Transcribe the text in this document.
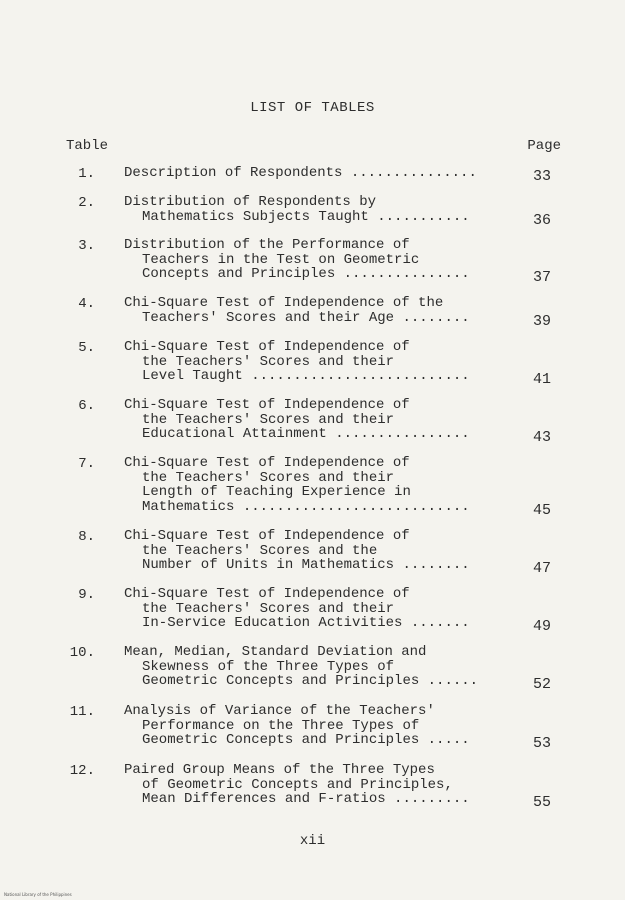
LIST OF TABLES
Table	Page
1. Description of Respondents ...............	33
2. Distribution of Respondents by
Mathematics Subjects Taught ...........	36
3. Distribution of the Performance of
Teachers in the Test on Geometric
Concepts and Principles ...............	37
4. Chi-Square Test of Independence of the
Teachers' Scores and their Age ........	39
5. Chi-Square Test of Independence of
the Teachers' Scores and their
Level Taught ..........................	41
6. Chi-Square Test of Independence of
the Teachers' Scores and their
Educational Attainment ................	43
7. Chi-Square Test of Independence of
the Teachers' Scores and their
Length of Teaching Experience in
Mathematics ...........................	45
8. Chi-Square Test of Independence of
the Teachers' Scores and the
Number of Units in Mathematics ........	47
9. Chi-Square Test of Independence of
the Teachers' Scores and their
In-Service Education Activities .......	49
10. Mean, Median, Standard Deviation and
Skewness of the Three Types of
Geometric Concepts and Principles ......	52
11. Analysis of Variance of the Teachers'
Performance on the Three Types of
Geometric Concepts and Principles .....	53
12. Paired Group Means of the Three Types
of Geometric Concepts and Principles,
Mean Differences and F-ratios .........	55
xii
National Library of the Philippines
